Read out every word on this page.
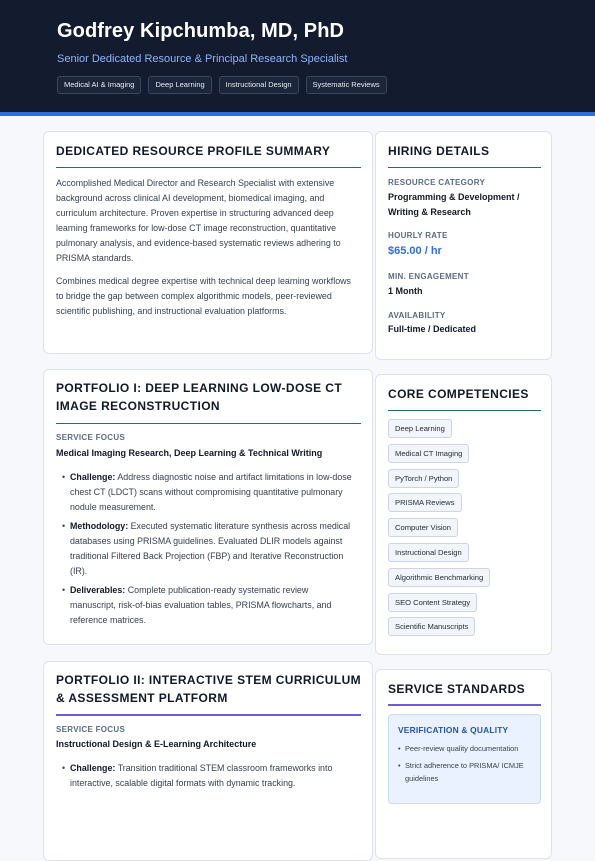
Godfrey Kipchumba, MD, PhD
Senior Dedicated Resource & Principal Research Specialist
Medical AI & Imaging	Deep Learning	Instructional Design	Systematic Reviews
DEDICATED RESOURCE PROFILE SUMMARY
Accomplished Medical Director and Research Specialist with extensive background across clinical AI development, biomedical imaging, and curriculum architecture. Proven expertise in structuring advanced deep learning frameworks for low-dose CT image reconstruction, quantitative pulmonary analysis, and evidence-based systematic reviews adhering to PRISMA standards.
Combines medical degree expertise with technical deep learning workflows to bridge the gap between complex algorithmic models, peer-reviewed scientific publishing, and instructional evaluation platforms.
PORTFOLIO I: DEEP LEARNING LOW-DOSE CT IMAGE RECONSTRUCTION
SERVICE FOCUS
Medical Imaging Research, Deep Learning & Technical Writing
• Challenge: Address diagnostic noise and artifact limitations in low-dose chest CT (LDCT) scans without compromising quantitative pulmonary nodule measurement.
• Methodology: Executed systematic literature synthesis across medical databases using PRISMA guidelines. Evaluated DLIR models against traditional Filtered Back Projection (FBP) and Iterative Reconstruction (IR).
• Deliverables: Complete publication-ready systematic review manuscript, risk-of-bias evaluation tables, PRISMA flowcharts, and reference matrices.
PORTFOLIO II: INTERACTIVE STEM CURRICULUM & ASSESSMENT PLATFORM
SERVICE FOCUS
Instructional Design & E-Learning Architecture
• Challenge: Transition traditional STEM classroom frameworks into interactive, scalable digital formats with dynamic tracking.
HIRING DETAILS
RESOURCE CATEGORY
Programming & Development / Writing & Research
HOURLY RATE
$65.00 / hr
MIN. ENGAGEMENT
1 Month
AVAILABILITY
Full-time / Dedicated
CORE COMPETENCIES
Deep Learning
Medical CT Imaging
PyTorch / Python
PRISMA Reviews
Computer Vision
Instructional Design
Algorithmic Benchmarking
SEO Content Strategy
Scientific Manuscripts
SERVICE STANDARDS
VERIFICATION & QUALITY
• Peer-review quality documentation
• Strict adherence to PRISMA/ ICMJE guidelines
